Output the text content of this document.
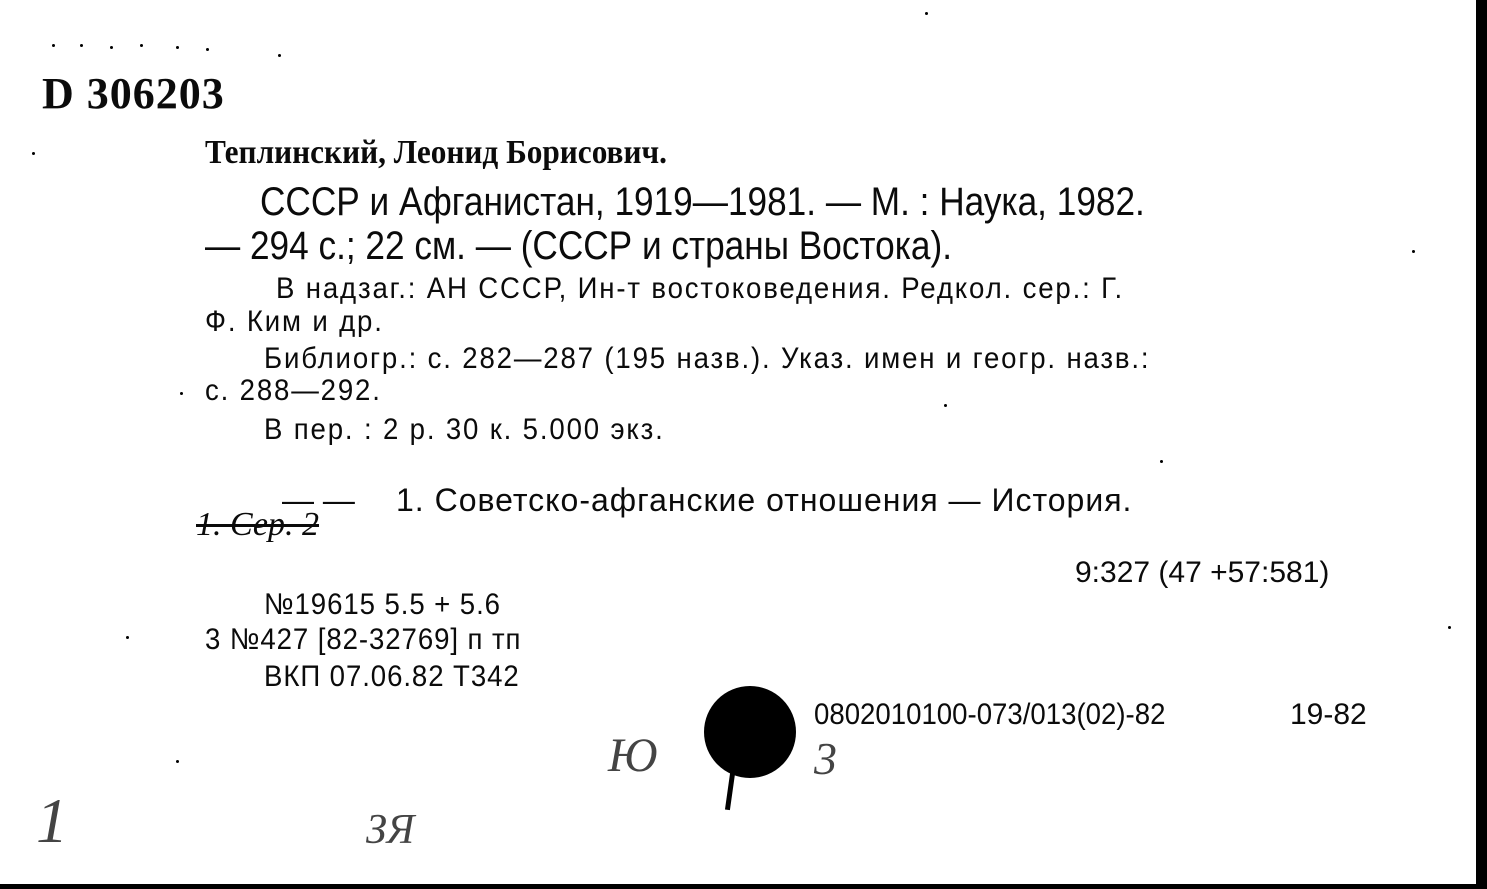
D 306203
Теплинский, Леонид Борисович.
СССР и Афганистан, 1919—1981. — М. : Наука, 1982.
— 294 с.; 22 см. — (СССР и страны Востока).
В надзаг.: АН СССР, Ин-т востоковедения. Редкол. сер.: Г.
Ф. Ким и др.
Библиогр.: с. 282—287 (195 назв.). Указ. имен и геогр. назв.:
с. 288—292.
В пер. : 2 р. 30 к. 5.000 экз.
— — 1. Советско-афганские отношения — История.
1. Сер. 2
9:327 (47 +57:581)
№19615 5.5 + 5.6
3 №427 [82-32769] п тп
ВКП 07.06.82 Т342
0802010100-073/013(02)-82	19-82
1
Ю	3
ЗЯ
